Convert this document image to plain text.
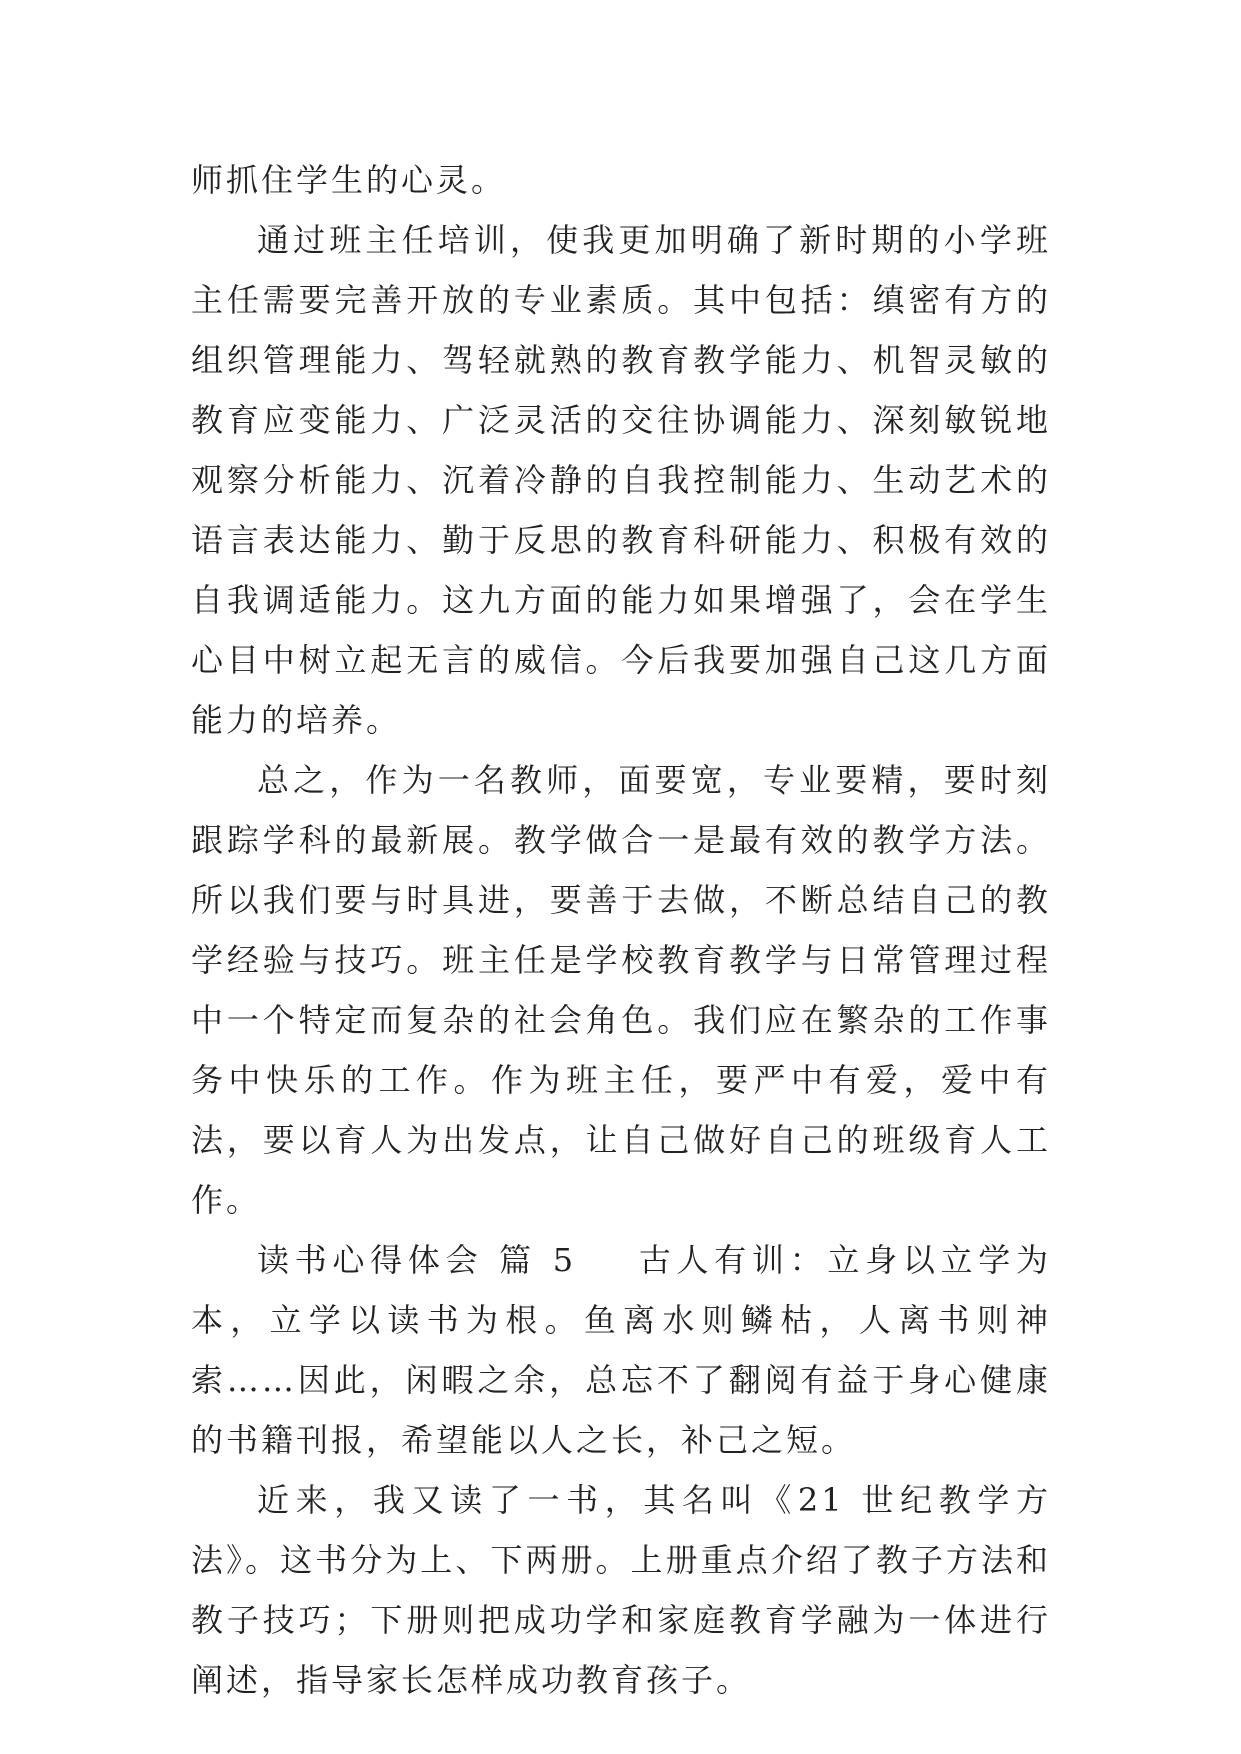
师抓住学生的心灵。

通过班主任培训，使我更加明确了新时期的小学班主任需要完善开放的专业素质。其中包括：缜密有方的组织管理能力、驾轻就熟的教育教学能力、机智灵敏的教育应变能力、广泛灵活的交往协调能力、深刻敏锐地观察分析能力、沉着冷静的自我控制能力、生动艺术的语言表达能力、勤于反思的教育科研能力、积极有效的自我调适能力。这九方面的能力如果增强了，会在学生心目中树立起无言的威信。今后我要加强自己这几方面能力的培养。

总之，作为一名教师，面要宽，专业要精，要时刻跟踪学科的最新展。教学做合一是最有效的教学方法。所以我们要与时具进，要善于去做，不断总结自己的教学经验与技巧。班主任是学校教育教学与日常管理过程中一个特定而复杂的社会角色。我们应在繁杂的工作事务中快乐的工作。作为班主任，要严中有爱，爱中有法，要以育人为出发点，让自己做好自己的班级育人工作。

读书心得体会 篇 5 古人有训：立身以立学为本，立学以读书为根。鱼离水则鳞枯，人离书则神索……因此，闲暇之余，总忘不了翻阅有益于身心健康的书籍刊报，希望能以人之长，补己之短。

近来，我又读了一书，其名叫《21 世纪教学方法》。这书分为上、下两册。上册重点介绍了教子方法和教子技巧；下册则把成功学和家庭教育学融为一体进行阐述，指导家长怎样成功教育孩子。
